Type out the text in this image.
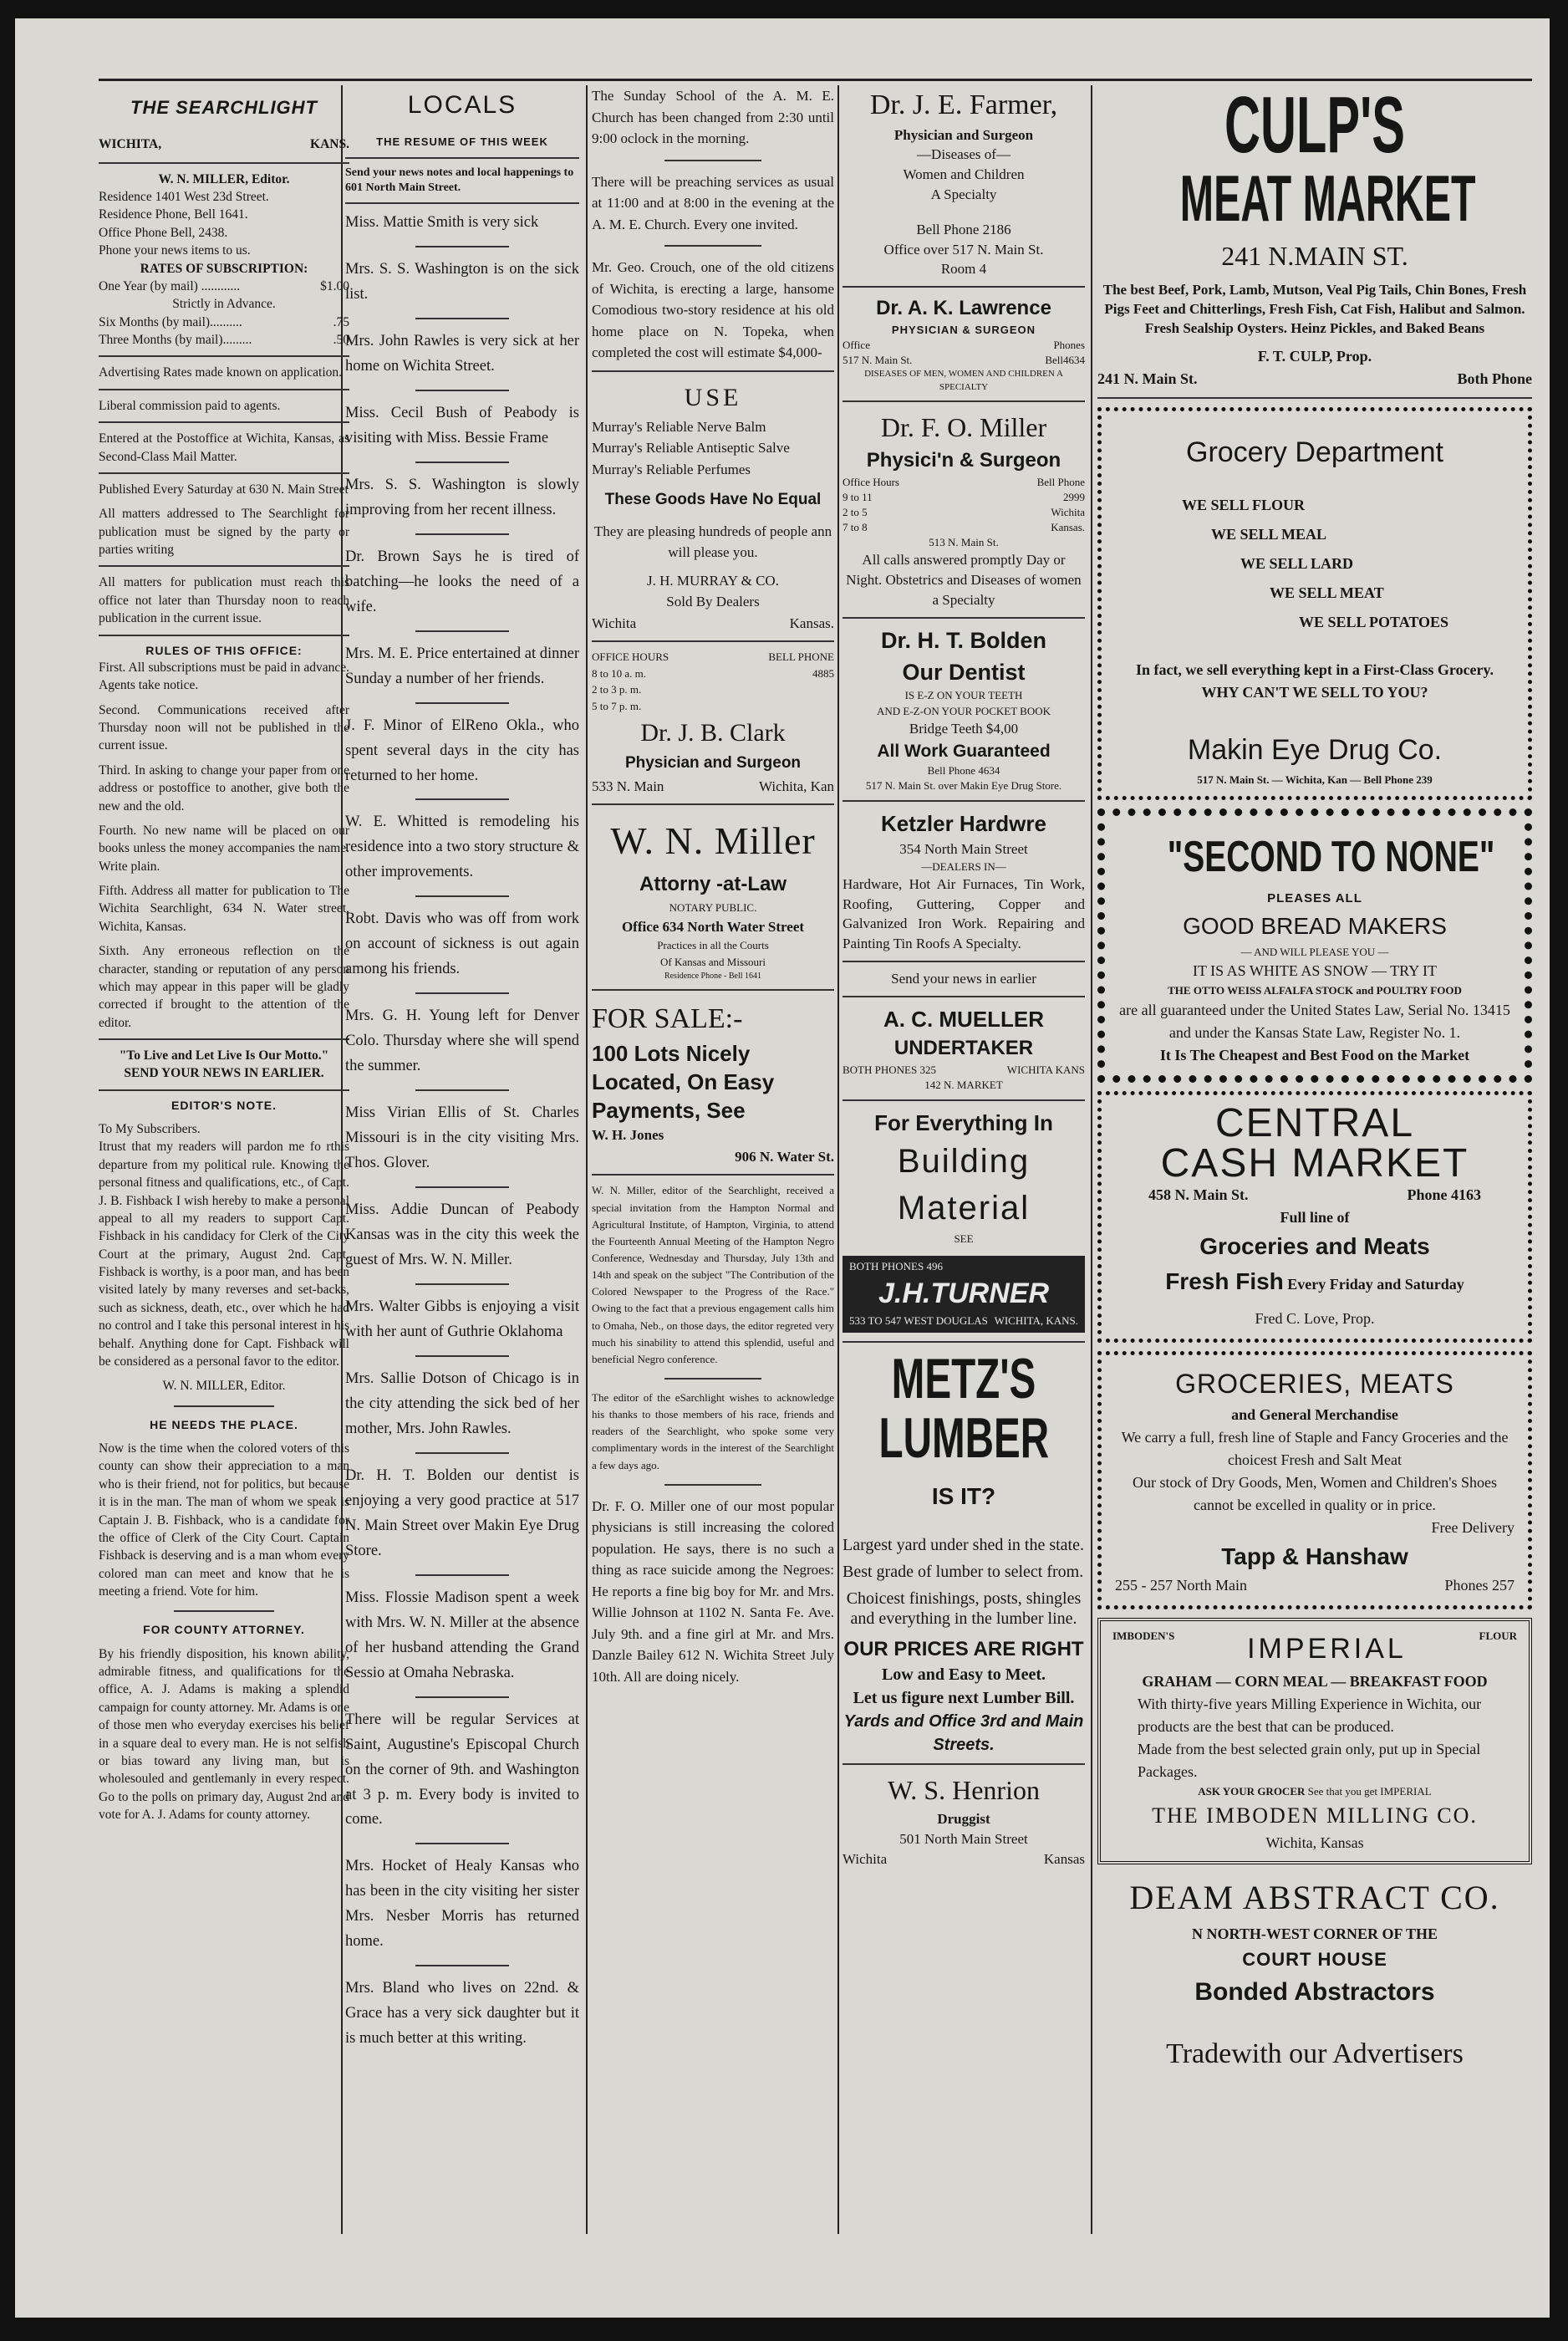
THE SEARCHLIGHT
WICHITA,	KANS.
W. N. MILLER, Editor.
Residence 1401 West 23d Street.
Residence Phone, Bell 1641.
Office Phone Bell, 2438.
Phone your news items to us.
RATES OF SUBSCRIPTION:
One Year (by mail) ............	$1.00
Strictly in Advance.
Six Months (by mail)..........	.75
Three Months (by mail).........	.50

Advertising Rates made known on application.

Liberal commission paid to agents.

Entered at the Postoffice at Wichita, Kansas, as Second-Class Mail Matter.

Published Every Saturday at 630 N. Main Street

All matters addressed to The Searchlight for publication must be signed by the party or parties writing

All matters for publication must reach this office not later than Thursday noon to reach publication in the current issue.

RULES OF THIS OFFICE:

First. All subscriptions must be paid in advance. Agents take notice.

Second. Communications received after Thursday noon will not be published in the current issue.

Third. In asking to change your paper from one address or postoffice to another, give both the new and the old.

Fourth. No new name will be placed on our books unless the money accompanies the name. Write plain.

Fifth. Address all matter for publication to The Wichita Searchlight, 634 N. Water street, Wichita, Kansas.

Sixth. Any erroneous reflection on the character, standing or reputation of any person which may appear in this paper will be gladly corrected if brought to the attention of the editor.

"To Live and Let Live Is Our Motto."
SEND YOUR NEWS IN EARLIER.
EDITOR'S NOTE.
To My Subscribers.

Itrust that my readers will pardon me fo rthis departure from my political rule. Knowing the personal fitness and qualifications, etc., of Capt. J. B. Fishback I wish hereby to make a personal appeal to all my readers to support Capt. Fishback in his candidacy for Clerk of the City Court at the primary, August 2nd. Capt. Fishback is worthy, is a poor man, and has been visited lately by many reverses and set-backs, such as sickness, death, etc., over which he had no control and I take this personal interest in his behalf. Anything done for Capt. Fishback will be considered as a personal favor to the editor.

W. N. MILLER, Editor.
HE NEEDS THE PLACE.

Now is the time when the colored voters of this county can show their appreciation to a man who is their friend, not for politics, but because it is in the man. The man of whom we speak is Captain J. B. Fishback, who is a candidate for the office of Clerk of the City Court. Captain Fishback is deserving and is a man whom every colored man can meet and know that he is meeting a friend. Vote for him.

FOR COUNTY ATTORNEY.

By his friendly disposition, his known ability, admirable fitness, and qualifications for the office, A. J. Adams is making a splendid campaign for county attorney. Mr. Adams is one of those men who everyday exercises his belief in a square deal to every man. He is not selfish or bias toward any living man, but is wholesouled and gentlemanly in every respect. Go to the polls on primary day, August 2nd and vote for A. J. Adams for county attorney.

LOCALS
THE RESUME OF THIS WEEK
Send your news notes and local happenings to 601 North Main Street.

Miss. Mattie Smith is very sick

Mrs. S. S. Washington is on the sick list.

Mrs. John Rawles is very sick at her home on Wichita Street.

Miss. Cecil Bush of Peabody is visiting with Miss. Bessie Frame

Mrs. S. S. Washington is slowly improving from her recent illness.

Dr. Brown Says he is tired of batching—he looks the need of a wife.

Mrs. M. E. Price entertained at dinner Sunday a number of her friends.

J. F. Minor of ElReno Okla., who spent several days in the city has returned to her home.

W. E. Whitted is remodeling his residence into a two story structure & other improvements.

Robt. Davis who was off from work on account of sickness is out again among his friends.

Mrs. G. H. Young left for Denver Colo. Thursday where she will spend the summer.

Miss Virian Ellis of St. Charles Missouri is in the city visiting Mrs. Thos. Glover.

Miss. Addie Duncan of Peabody Kansas was in the city this week the guest of Mrs. W. N. Miller.

Mrs. Walter Gibbs is enjoying a visit with her aunt of Guthrie Oklahoma

Mrs. Sallie Dotson of Chicago is in the city attending the sick bed of her mother, Mrs. John Rawles.

Dr. H. T. Bolden our dentist is enjoying a very good practice at 517 N. Main Street over Makin Eye Drug Store.

Miss. Flossie Madison spent a week with Mrs. W. N. Miller at the absence of her husband attending the Grand Sessio at Omaha Nebraska.

There will be regular Services at Saint, Augustine's Episcopal Church on the corner of 9th. and Washington at 3 p. m. Every body is invited to come.

Mrs. Hocket of Healy Kansas who has been in the city visiting her sister Mrs. Nesber Morris has returned home.

Mrs. Bland who lives on 22nd. & Grace has a very sick daughter but it is much better at this writing.

The Sunday School of the A. M. E. Church has been changed from 2:30 until 9:00 oclock in the morning.

There will be preaching services as usual at 11:00 and at 8:00 in the evening at the A. M. E. Church. Every one invited.

Mr. Geo. Crouch, one of the old citizens of Wichita, is erecting a large, hansome Comodious two-story residence at his old home place on N. Topeka, when completed the cost will estimate $4,000-

USE
Murray's Reliable Nerve Balm
Murray's Reliable Antiseptic Salve
Murray's Reliable Perfumes
These Goods Have No Equal

They are pleasing hundreds of people ann will please you.

J. H. MURRAY & CO.
Sold By Dealers
Wichita	Kansas.
OFFICE HOURS	BELL PHONE
8 to 10 a. m.	4885
2 to 3 p. m.
5 to 7 p. m.
Dr. J. B. Clark
Physician and Surgeon
533 N. Main	Wichita, Kan
W. N. Miller
Attorny -at-Law
NOTARY PUBLIC.
Office 634 North Water Street
Practices in all the Courts
Of Kansas and Missouri
Residence Phone - Bell 1641
FOR SALE:-
100 Lots Nicely Located, On Easy Payments, See
W. H. Jones
906 N. Water St.

W. N. Miller, editor of the Searchlight, received a special invitation from the Hampton Normal and Agricultural Institute, of Hampton, Virginia, to attend the Fourteenth Annual Meeting of the Hampton Negro Conference, Wednesday and Thursday, July 13th and 14th and speak on the subject "The Contribution of the Colored Newspaper to the Progress of the Race." Owing to the fact that a previous engagement calls him to Omaha, Neb., on those days, the editor regreted very much his sinability to attend this splendid, useful and beneficial Negro conference.

The editor of the eSarchlight wishes to acknowledge his thanks to those members of his race, friends and readers of the Searchlight, who spoke some very complimentary words in the interest of the Searchlight a few days ago.

Dr. F. O. Miller one of our most popular physicians is still increasing the colored population. He says, there is no such a thing as race suicide among the Negroes: He reports a fine big boy for Mr. and Mrs. Willie Johnson at 1102 N. Santa Fe. Ave. July 9th. and a fine girl at Mr. and Mrs. Danzle Bailey 612 N. Wichita Street July 10th. All are doing nicely.

Dr. J. E. Farmer,
Physician and Surgeon
—Diseases of—
Women and Children
A Specialty
Bell Phone 2186
Office over 517 N. Main St.
Room 4
Dr. A. K. Lawrence
PHYSICIAN & SURGEON
Office	Phones
517 N. Main St.	Bell4634
DISEASES OF MEN, WOMEN AND CHILDREN A SPECIALTY
Dr. F. O. Miller
Physici'n & Surgeon
Office Hours	Bell Phone
9 to 11	2999
2 to 5	Wichita
7 to 8	Kansas.
513 N. Main St.

All calls answered promptly Day or Night. Obstetrics and Diseases of women a Specialty

Dr. H. T. Bolden
Our Dentist
IS E-Z ON YOUR TEETH
AND E-Z-ON YOUR POCKET BOOK
Bridge Teeth $4,00
All Work Guaranteed
Bell Phone 4634
517 N. Main St. over Makin Eye Drug Store.
Ketzler Hardwre
354 North Main Street
—DEALERS IN—

Hardware, Hot Air Furnaces, Tin Work, Roofing, Guttering, Copper and Galvanized Iron Work. Repairing and Painting Tin Roofs A Specialty.

Send your news in earlier
A. C. MUELLER
UNDERTAKER
BOTH PHONES 325	WICHITA KANS
142 N. MARKET
For Everything In
Building
Material
SEE
BOTH PHONES 496
J.H.TURNER
533 TO 547 WEST DOUGLAS WICHITA, KANS.
METZ'S
LUMBER
IS IT?
Largest yard under shed in the state.
Best grade of lumber to select from.
Choicest finishings, posts, shingles and everything in the lumber line.
OUR PRICES ARE RIGHT
Low and Easy to Meet.
Let us figure next Lumber Bill.
Yards and Office 3rd and Main Streets.
W. S. Henrion
Druggist
501 North Main Street
Wichita	Kansas
CULP'S
MEAT MARKET
241 N.MAIN ST.

The best Beef, Pork, Lamb, Mutson, Veal Pig Tails, Chin Bones, Fresh Pigs Feet and Chitterlings, Fresh Fish, Cat Fish, Halibut and Salmon. Fresh Sealship Oysters. Heinz Pickles, and Baked Beans

F. T. CULP, Prop.
241 N. Main St.	Both Phone
Grocery Department
WE SELL FLOUR
WE SELL MEAL
WE SELL LARD
WE SELL MEAT
WE SELL POTATOES
In fact, we sell everything kept in a First-Class Grocery.
WHY CAN'T WE SELL TO YOU?
Makin Eye Drug Co.
517 N. Main St. — Wichita, Kan — Bell Phone 239
"SECOND TO NONE"
PLEASES ALL
GOOD BREAD MAKERS
— AND WILL PLEASE YOU —
IT IS AS WHITE AS SNOW — TRY IT
THE OTTO WEISS ALFALFA STOCK and POULTRY FOOD
are all guaranteed under the United States Law, Serial No. 13415 and under the Kansas State Law, Register No. 1.
It Is The Cheapest and Best Food on the Market
CENTRAL
CASH MARKET
458 N. Main St.	Phone 4163
Full line of
Groceries and Meats
Fresh Fish Every Friday and Saturday
Fred C. Love, Prop.
GROCERIES, MEATS
and General Merchandise
We carry a full, fresh line of Staple and Fancy Groceries and the choicest Fresh and Salt Meat
Our stock of Dry Goods, Men, Women and Children's Shoes cannot be excelled in quality or in price.
Free Delivery
Tapp & Hanshaw
255 - 257 North Main	Phones 257
IMBODEN'S	IMPERIAL	FLOUR
GRAHAM — CORN MEAL — BREAKFAST FOOD
With thirty-five years Milling Experience in Wichita, our products are the best that can be produced.
Made from the best selected grain only, put up in Special Packages.
ASK YOUR GROCER See that you get IMPERIAL
THE IMBODEN MILLING CO.
Wichita, Kansas
DEAM ABSTRACT CO.
N NORTH-WEST CORNER OF THE
COURT HOUSE
Bonded Abstractors
Tradewith our Advertisers
